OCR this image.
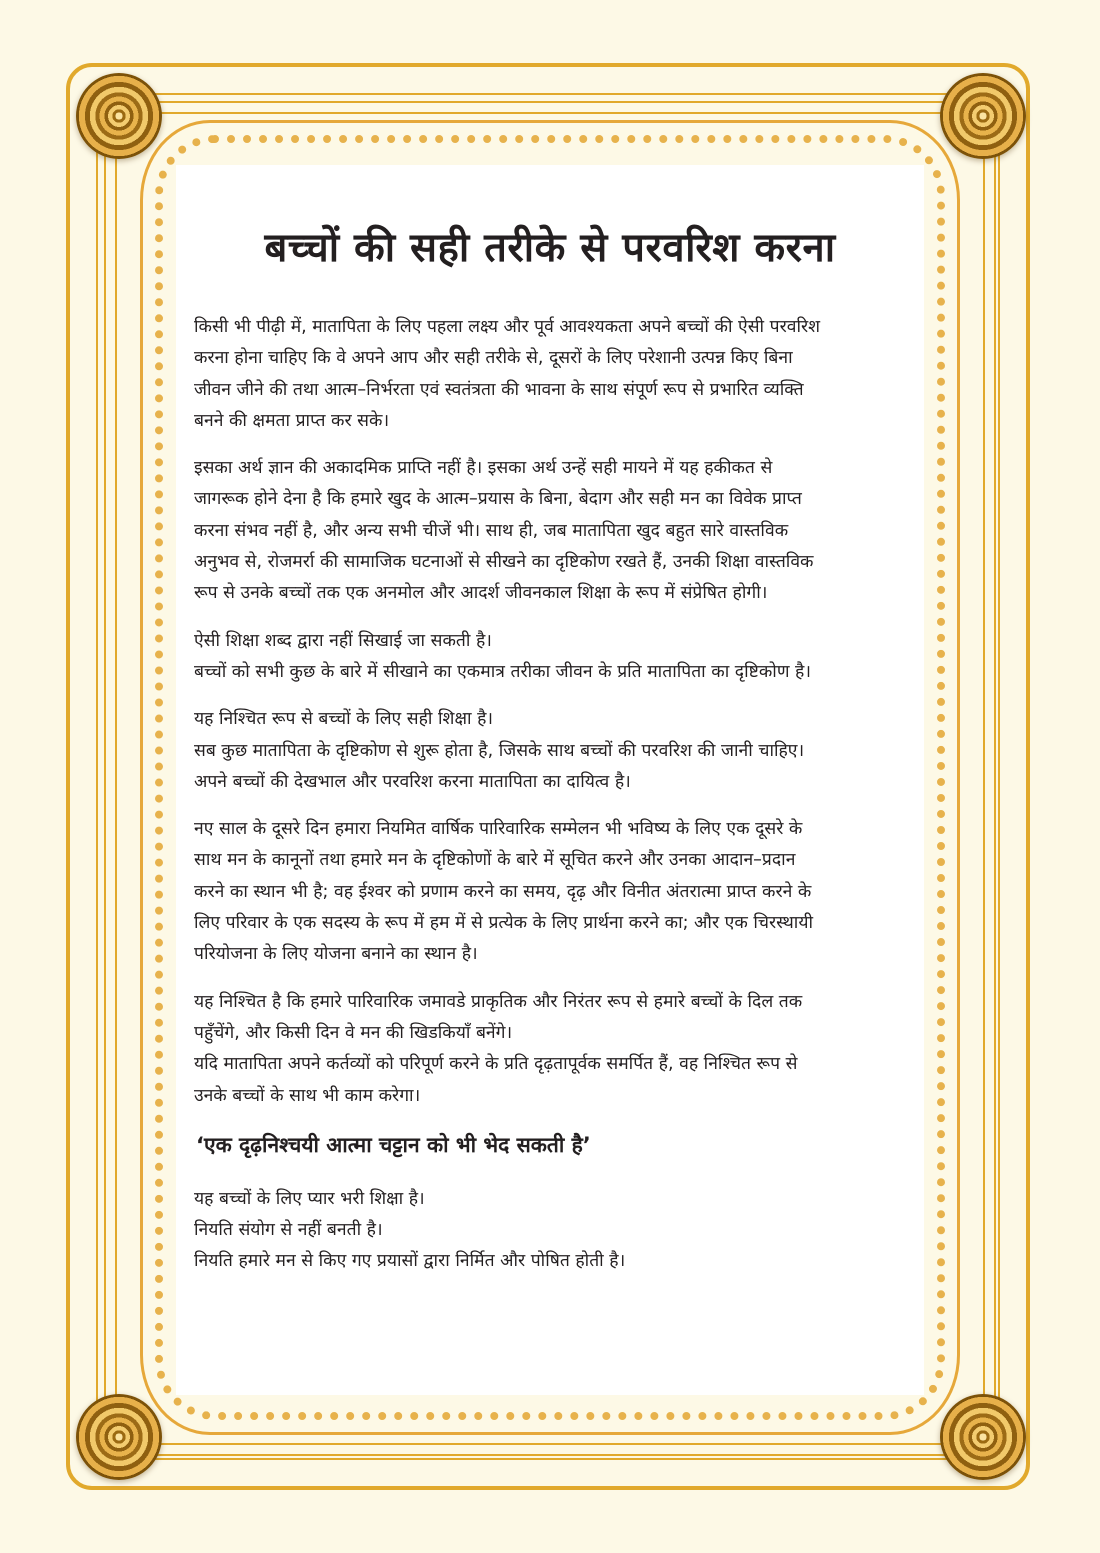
बच्चों की सही तरीके से परवरिश करना

किसी भी पीढ़ी में, मातापिता के लिए पहला लक्ष्य और पूर्व आवश्यकता अपने बच्चों की ऐसी परवरिश
करना होना चाहिए कि वे अपने आप और सही तरीके से, दूसरों के लिए परेशानी उत्पन्न किए बिना
जीवन जीने की तथा आत्म–निर्भरता एवं स्वतंत्रता की भावना के साथ संपूर्ण रूप से प्रभारित व्यक्ति
बनने की क्षमता प्राप्त कर सके।

इसका अर्थ ज्ञान की अकादमिक प्राप्ति नहीं है। इसका अर्थ उन्हें सही मायने में यह हकीकत से
जागरूक होने देना है कि हमारे खुद के आत्म–प्रयास के बिना, बेदाग और सही मन का विवेक प्राप्त
करना संभव नहीं है, और अन्य सभी चीजें भी। साथ ही, जब मातापिता खुद बहुत सारे वास्तविक
अनुभव से, रोजमर्रा की सामाजिक घटनाओं से सीखने का दृष्टिकोण रखते हैं, उनकी शिक्षा वास्तविक
रूप से उनके बच्चों तक एक अनमोल और आदर्श जीवनकाल शिक्षा के रूप में संप्रेषित होगी।

ऐसी शिक्षा शब्द द्वारा नहीं सिखाई जा सकती है।
बच्चों को सभी कुछ के बारे में सीखाने का एकमात्र तरीका जीवन के प्रति मातापिता का दृष्टिकोण है।

यह निश्चित रूप से बच्चों के लिए सही शिक्षा है।
सब कुछ मातापिता के दृष्टिकोण से शुरू होता है, जिसके साथ बच्चों की परवरिश की जानी चाहिए।
अपने बच्चों की देखभाल और परवरिश करना मातापिता का दायित्व है।

नए साल के दूसरे दिन हमारा नियमित वार्षिक पारिवारिक सम्मेलन भी भविष्य के लिए एक दूसरे के
साथ मन के कानूनों तथा हमारे मन के दृष्टिकोणों के बारे में सूचित करने और उनका आदान–प्रदान
करने का स्थान भी है; वह ईश्वर को प्रणाम करने का समय, दृढ़ और विनीत अंतरात्मा प्राप्त करने के
लिए परिवार के एक सदस्य के रूप में हम में से प्रत्येक के लिए प्रार्थना करने का; और एक चिरस्थायी
परियोजना के लिए योजना बनाने का स्थान है।

यह निश्चित है कि हमारे पारिवारिक जमावडे प्राकृतिक और निरंतर रूप से हमारे बच्चों के दिल तक
पहुँचेंगे, और किसी दिन वे मन की खिडकियाँ बनेंगे।
यदि मातापिता अपने कर्तव्यों को परिपूर्ण करने के प्रति दृढ़तापूर्वक समर्पित हैं, वह निश्चित रूप से
उनके बच्चों के साथ भी काम करेगा।

‘एक दृढ़निश्चयी आत्मा चट्टान को भी भेद सकती है’

यह बच्चों के लिए प्यार भरी शिक्षा है।
नियति संयोग से नहीं बनती है।
नियति हमारे मन से किए गए प्रयासों द्वारा निर्मित और पोषित होती है।
